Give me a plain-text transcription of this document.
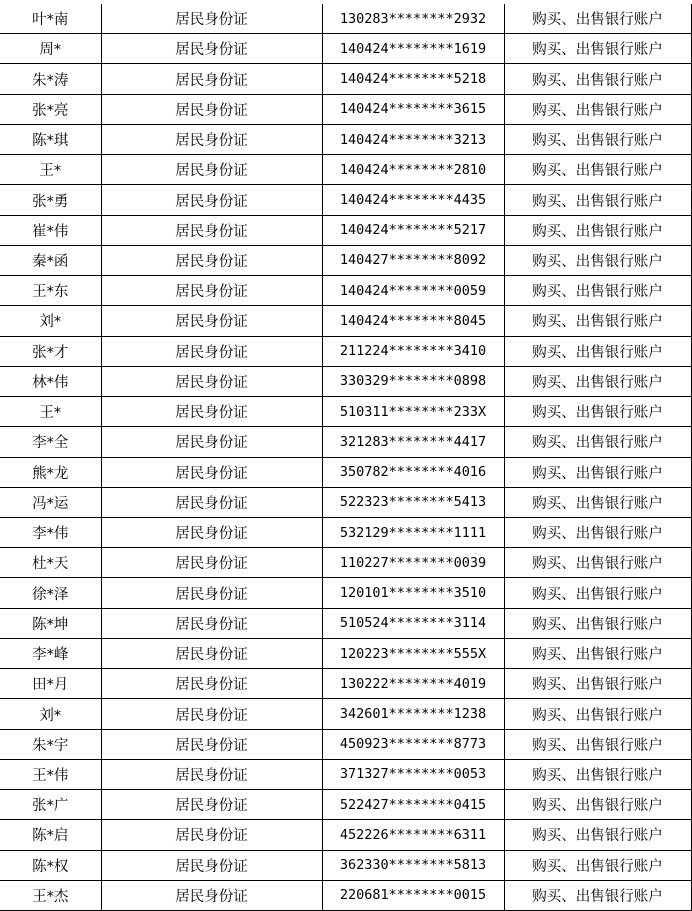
叶*南	居民身份证	130283********2932	购买、出售银行账户
周*	居民身份证	140424********1619	购买、出售银行账户
朱*涛	居民身份证	140424********5218	购买、出售银行账户
张*亮	居民身份证	140424********3615	购买、出售银行账户
陈*琪	居民身份证	140424********3213	购买、出售银行账户
王*	居民身份证	140424********2810	购买、出售银行账户
张*勇	居民身份证	140424********4435	购买、出售银行账户
崔*伟	居民身份证	140424********5217	购买、出售银行账户
秦*函	居民身份证	140427********8092	购买、出售银行账户
王*东	居民身份证	140424********0059	购买、出售银行账户
刘*	居民身份证	140424********8045	购买、出售银行账户
张*才	居民身份证	211224********3410	购买、出售银行账户
林*伟	居民身份证	330329********0898	购买、出售银行账户
王*	居民身份证	510311********233X	购买、出售银行账户
李*全	居民身份证	321283********4417	购买、出售银行账户
熊*龙	居民身份证	350782********4016	购买、出售银行账户
冯*运	居民身份证	522323********5413	购买、出售银行账户
李*伟	居民身份证	532129********1111	购买、出售银行账户
杜*天	居民身份证	110227********0039	购买、出售银行账户
徐*泽	居民身份证	120101********3510	购买、出售银行账户
陈*坤	居民身份证	510524********3114	购买、出售银行账户
李*峰	居民身份证	120223********555X	购买、出售银行账户
田*月	居民身份证	130222********4019	购买、出售银行账户
刘*	居民身份证	342601********1238	购买、出售银行账户
朱*宇	居民身份证	450923********8773	购买、出售银行账户
王*伟	居民身份证	371327********0053	购买、出售银行账户
张*广	居民身份证	522427********0415	购买、出售银行账户
陈*启	居民身份证	452226********6311	购买、出售银行账户
陈*权	居民身份证	362330********5813	购买、出售银行账户
王*杰	居民身份证	220681********0015	购买、出售银行账户
